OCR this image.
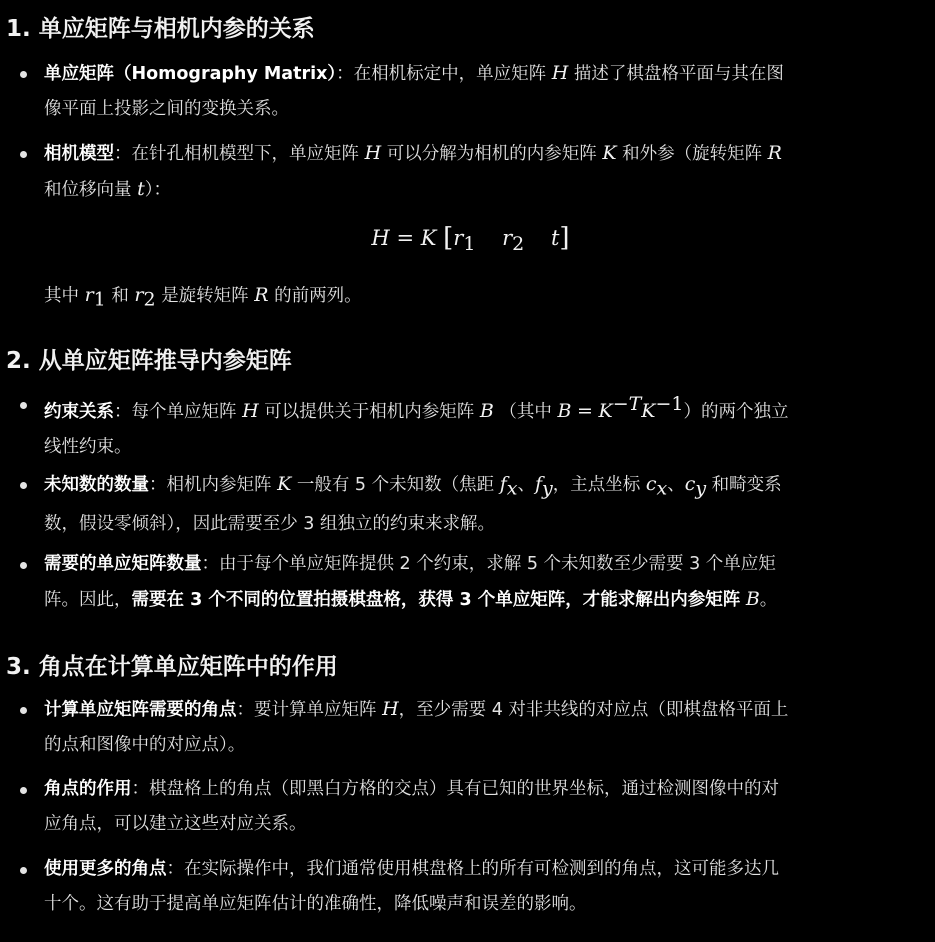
1. 单应矩阵与相机内参的关系
单应矩阵（Homography Matrix）：在相机标定中，单应矩阵 H 描述了棋盘格平面与其在图
像平面上投影之间的变换关系。
相机模型：在针孔相机模型下，单应矩阵 H 可以分解为相机的内参矩阵 K 和外参（旋转矩阵 R
和位移向量 t）：
H = K [$r_1$ $r_2$ t]
其中 $r_1$ 和 $r_2$ 是旋转矩阵 R 的前两列。
2. 从单应矩阵推导内参矩阵
约束关系：每个单应矩阵 H 可以提供关于相机内参矩阵 B （其中 $B = K^{-T}K^{-1}$）的两个独立
线性约束。
未知数的数量：相机内参矩阵 K 一般有 5 个未知数（焦距 $f_x$、$f_y$，主点坐标 $c_x$、$c_y$ 和畸变系
数，假设零倾斜），因此需要至少 3 组独立的约束来求解。
需要的单应矩阵数量：由于每个单应矩阵提供 2 个约束，求解 5 个未知数至少需要 3 个单应矩
阵。因此，需要在 3 个不同的位置拍摄棋盘格，获得 3 个单应矩阵，才能求解出内参矩阵 B。
3. 角点在计算单应矩阵中的作用
计算单应矩阵需要的角点：要计算单应矩阵 H，至少需要 4 对非共线的对应点（即棋盘格平面上
的点和图像中的对应点）。
角点的作用：棋盘格上的角点（即黑白方格的交点）具有已知的世界坐标，通过检测图像中的对
应角点，可以建立这些对应关系。
使用更多的角点：在实际操作中，我们通常使用棋盘格上的所有可检测到的角点，这可能多达几
十个。这有助于提高单应矩阵估计的准确性，降低噪声和误差的影响。
